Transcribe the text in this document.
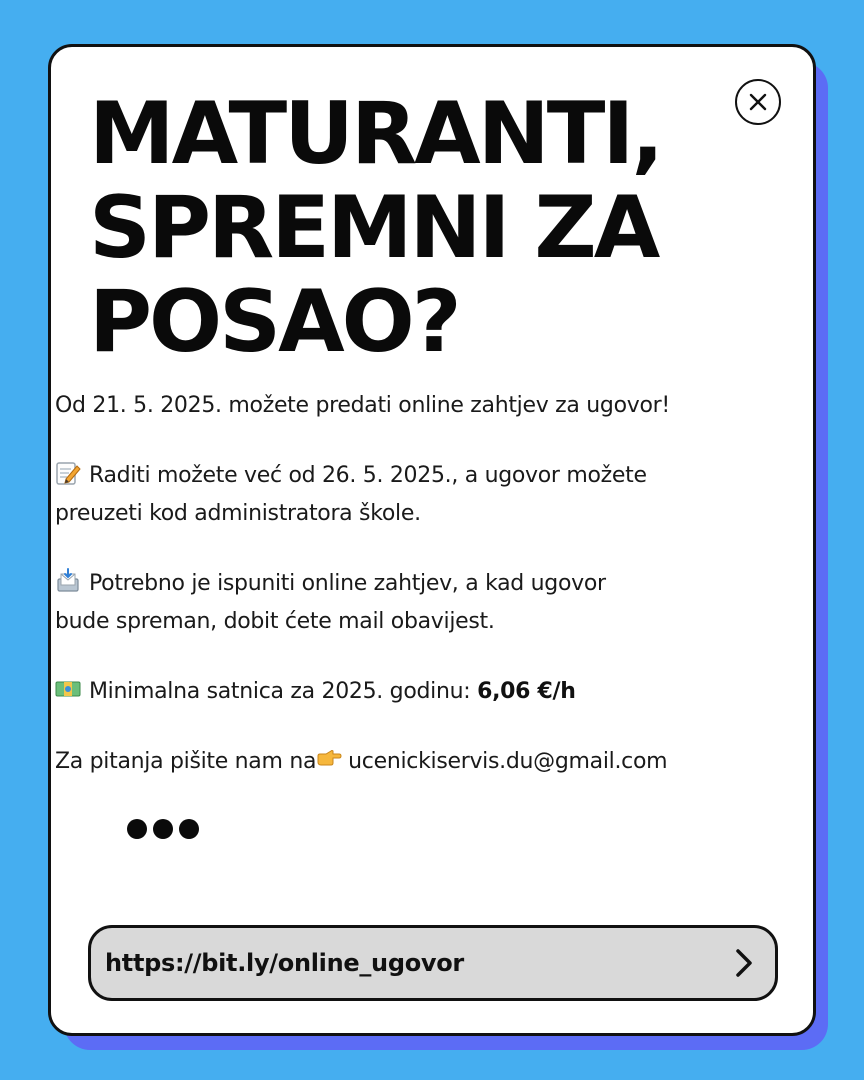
MATURANTI,
SPREMNI ZA
POSAO?

Od 21. 5. 2025. možete predati online zahtjev za ugovor!

Raditi možete već od 26. 5. 2025., a ugovor možete

preuzeti kod administratora škole.

Potrebno je ispuniti online zahtjev, a kad ugovor

bude spreman, dobit ćete mail obavijest.

Minimalna satnica za 2025. godinu: 6,06 €/h

Za pitanja pišite nam na ucenickiservis.du@gmail.com

https://bit.ly/online_ugovor
